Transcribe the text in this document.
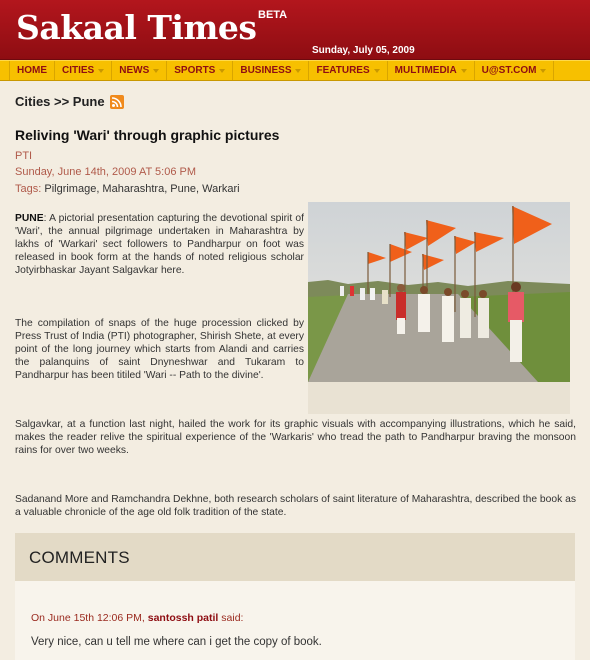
Sakaal Times BETA
Sunday, July 05, 2009
HOME CITIES	NEWS	SPORTS	BUSINESS	FEATURES	MULTIMEDIA	U@ST.COM
Cities >> Pune
Reliving 'Wari' through graphic pictures
PTI
Sunday, June 14th, 2009 AT 5:06 PM
Tags: Pilgrimage, Maharashtra, Pune, Warkari
PUNE: A pictorial presentation capturing the devotional spirit of 'Wari', the annual pilgrimage undertaken in Maharashtra by lakhs of 'Warkari' sect followers to Pandharpur on foot was released in book form at the hands of noted religious scholar Jotyirbhaskar Jayant Salgavkar here.
The compilation of snaps of the huge procession clicked by Press Trust of India (PTI) photographer, Shirish Shete, at every point of the long journey which starts from Alandi and carries the palanquins of saint Dnyneshwar and Tukaram to Pandharpur has been titiled 'Wari -- Path to the divine'.
Salgavkar, at a function last night, hailed the work for its graphic visuals with accompanying illustrations, which he said, makes the reader relive the spiritual experience of the 'Warkaris' who tread the path to Pandharpur braving the monsoon rains for over two weeks.
Sadanand More and Ramchandra Dekhne, both research scholars of saint literature of Maharashtra, described the book as a valuable chronicle of the age old folk tradition of the state.
COMMENTS
On June 15th 12:06 PM, santossh patil said:
Very nice, can u tell me where can i get the copy of book.
